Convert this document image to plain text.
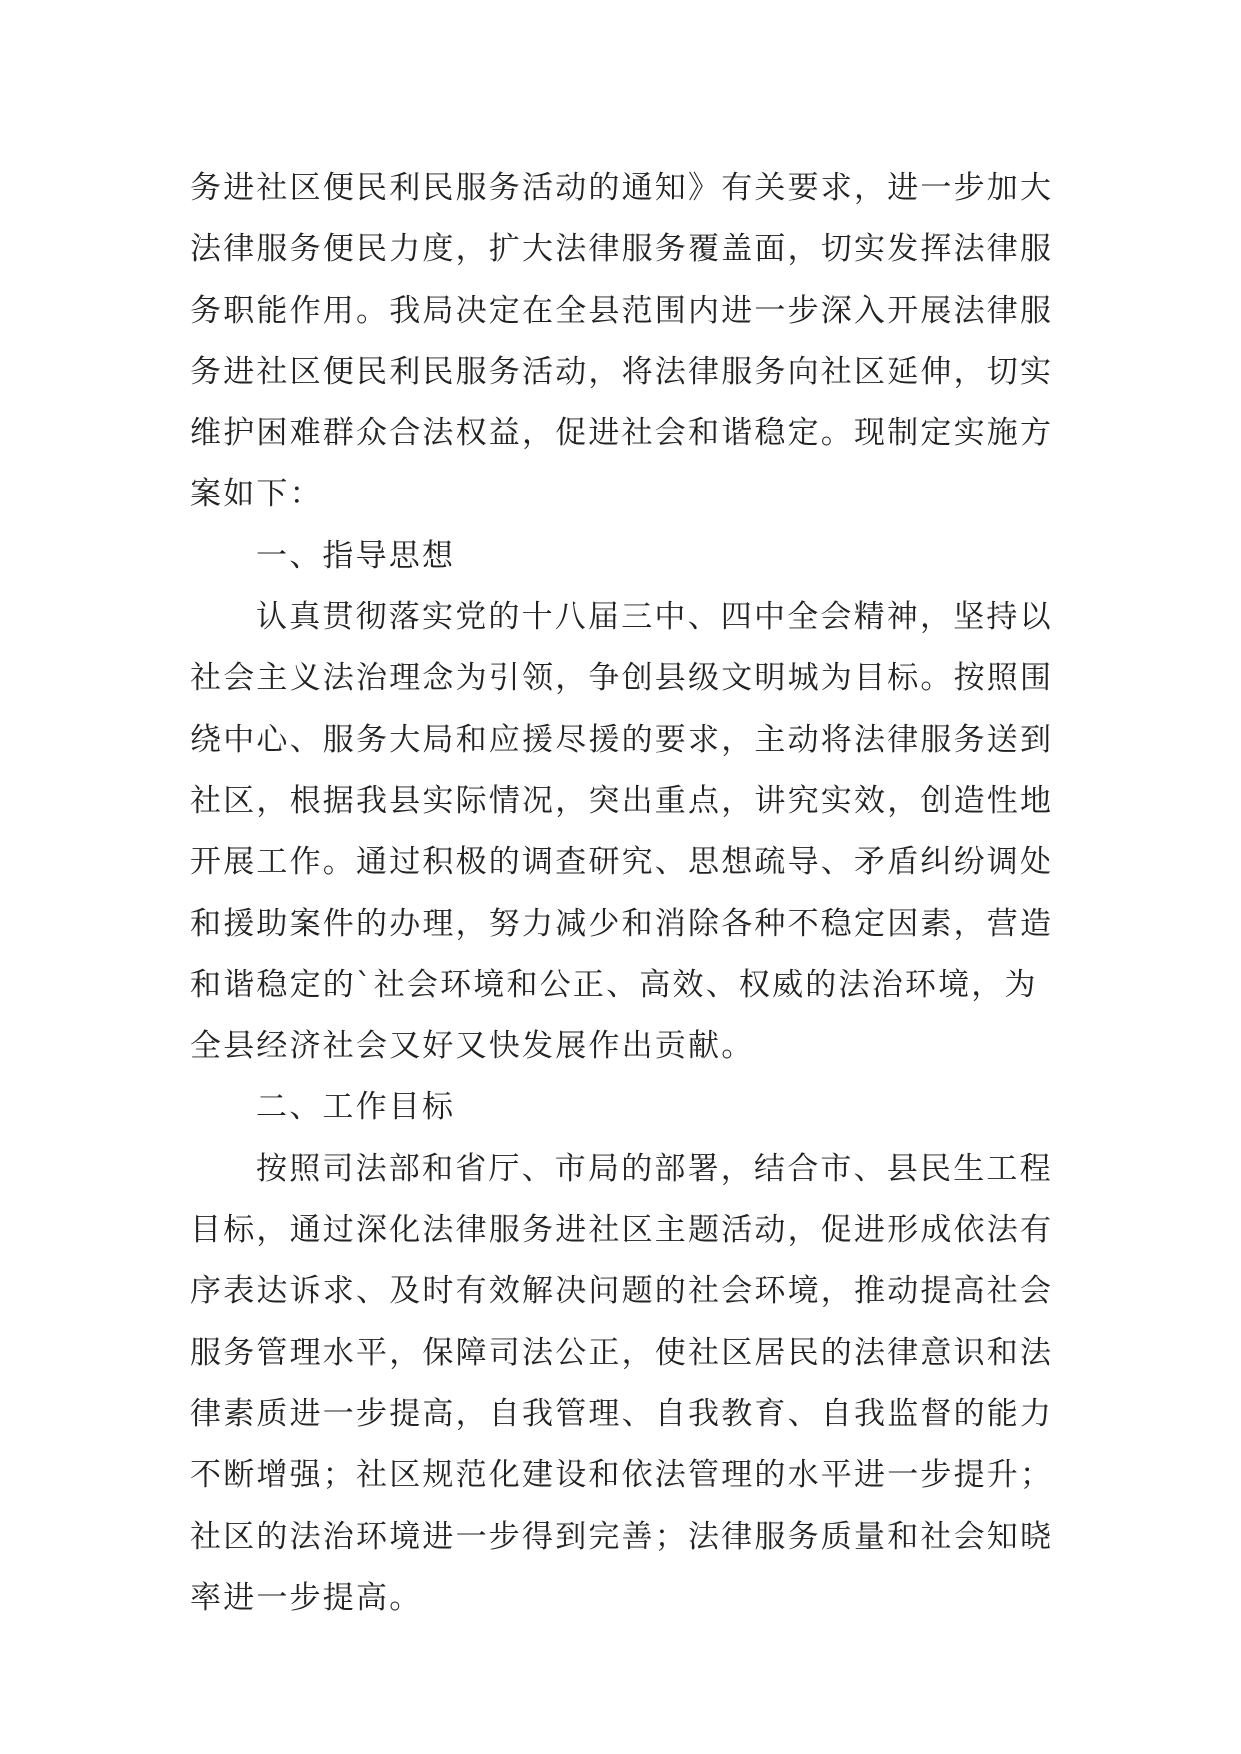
务进社区便民利民服务活动的通知》有关要求，进一步加大
法律服务便民力度，扩大法律服务覆盖面，切实发挥法律服
务职能作用。我局决定在全县范围内进一步深入开展法律服
务进社区便民利民服务活动，将法律服务向社区延伸，切实
维护困难群众合法权益，促进社会和谐稳定。现制定实施方
案如下：
一、指导思想
认真贯彻落实党的十八届三中、四中全会精神，坚持以
社会主义法治理念为引领，争创县级文明城为目标。按照围
绕中心、服务大局和应援尽援的要求，主动将法律服务送到
社区，根据我县实际情况，突出重点，讲究实效，创造性地
开展工作。通过积极的调查研究、思想疏导、矛盾纠纷调处
和援助案件的办理，努力减少和消除各种不稳定因素，营造
和谐稳定的`社会环境和公正、高效、权威的法治环境，为
全县经济社会又好又快发展作出贡献。
二、工作目标
按照司法部和省厅、市局的部署，结合市、县民生工程
目标，通过深化法律服务进社区主题活动，促进形成依法有
序表达诉求、及时有效解决问题的社会环境，推动提高社会
服务管理水平，保障司法公正，使社区居民的法律意识和法
律素质进一步提高，自我管理、自我教育、自我监督的能力
不断增强；社区规范化建设和依法管理的水平进一步提升；
社区的法治环境进一步得到完善；法律服务质量和社会知晓
率进一步提高。
